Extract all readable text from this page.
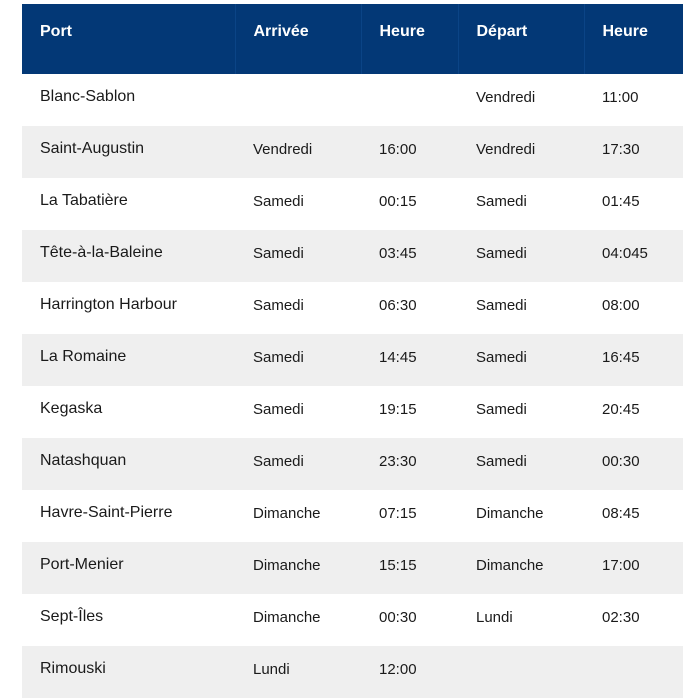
Port	Arrivée	Heure	Départ	Heure
Blanc-Sablon			Vendredi	11:00
Saint-Augustin	Vendredi	16:00	Vendredi	17:30
La Tabatière	Samedi	00:15	Samedi	01:45
Tête-à-la-Baleine	Samedi	03:45	Samedi	04:045
Harrington Harbour	Samedi	06:30	Samedi	08:00
La Romaine	Samedi	14:45	Samedi	16:45
Kegaska	Samedi	19:15	Samedi	20:45
Natashquan	Samedi	23:30	Samedi	00:30
Havre-Saint-Pierre	Dimanche	07:15	Dimanche	08:45
Port-Menier	Dimanche	15:15	Dimanche	17:00
Sept-Îles	Dimanche	00:30	Lundi	02:30
Rimouski	Lundi	12:00		
